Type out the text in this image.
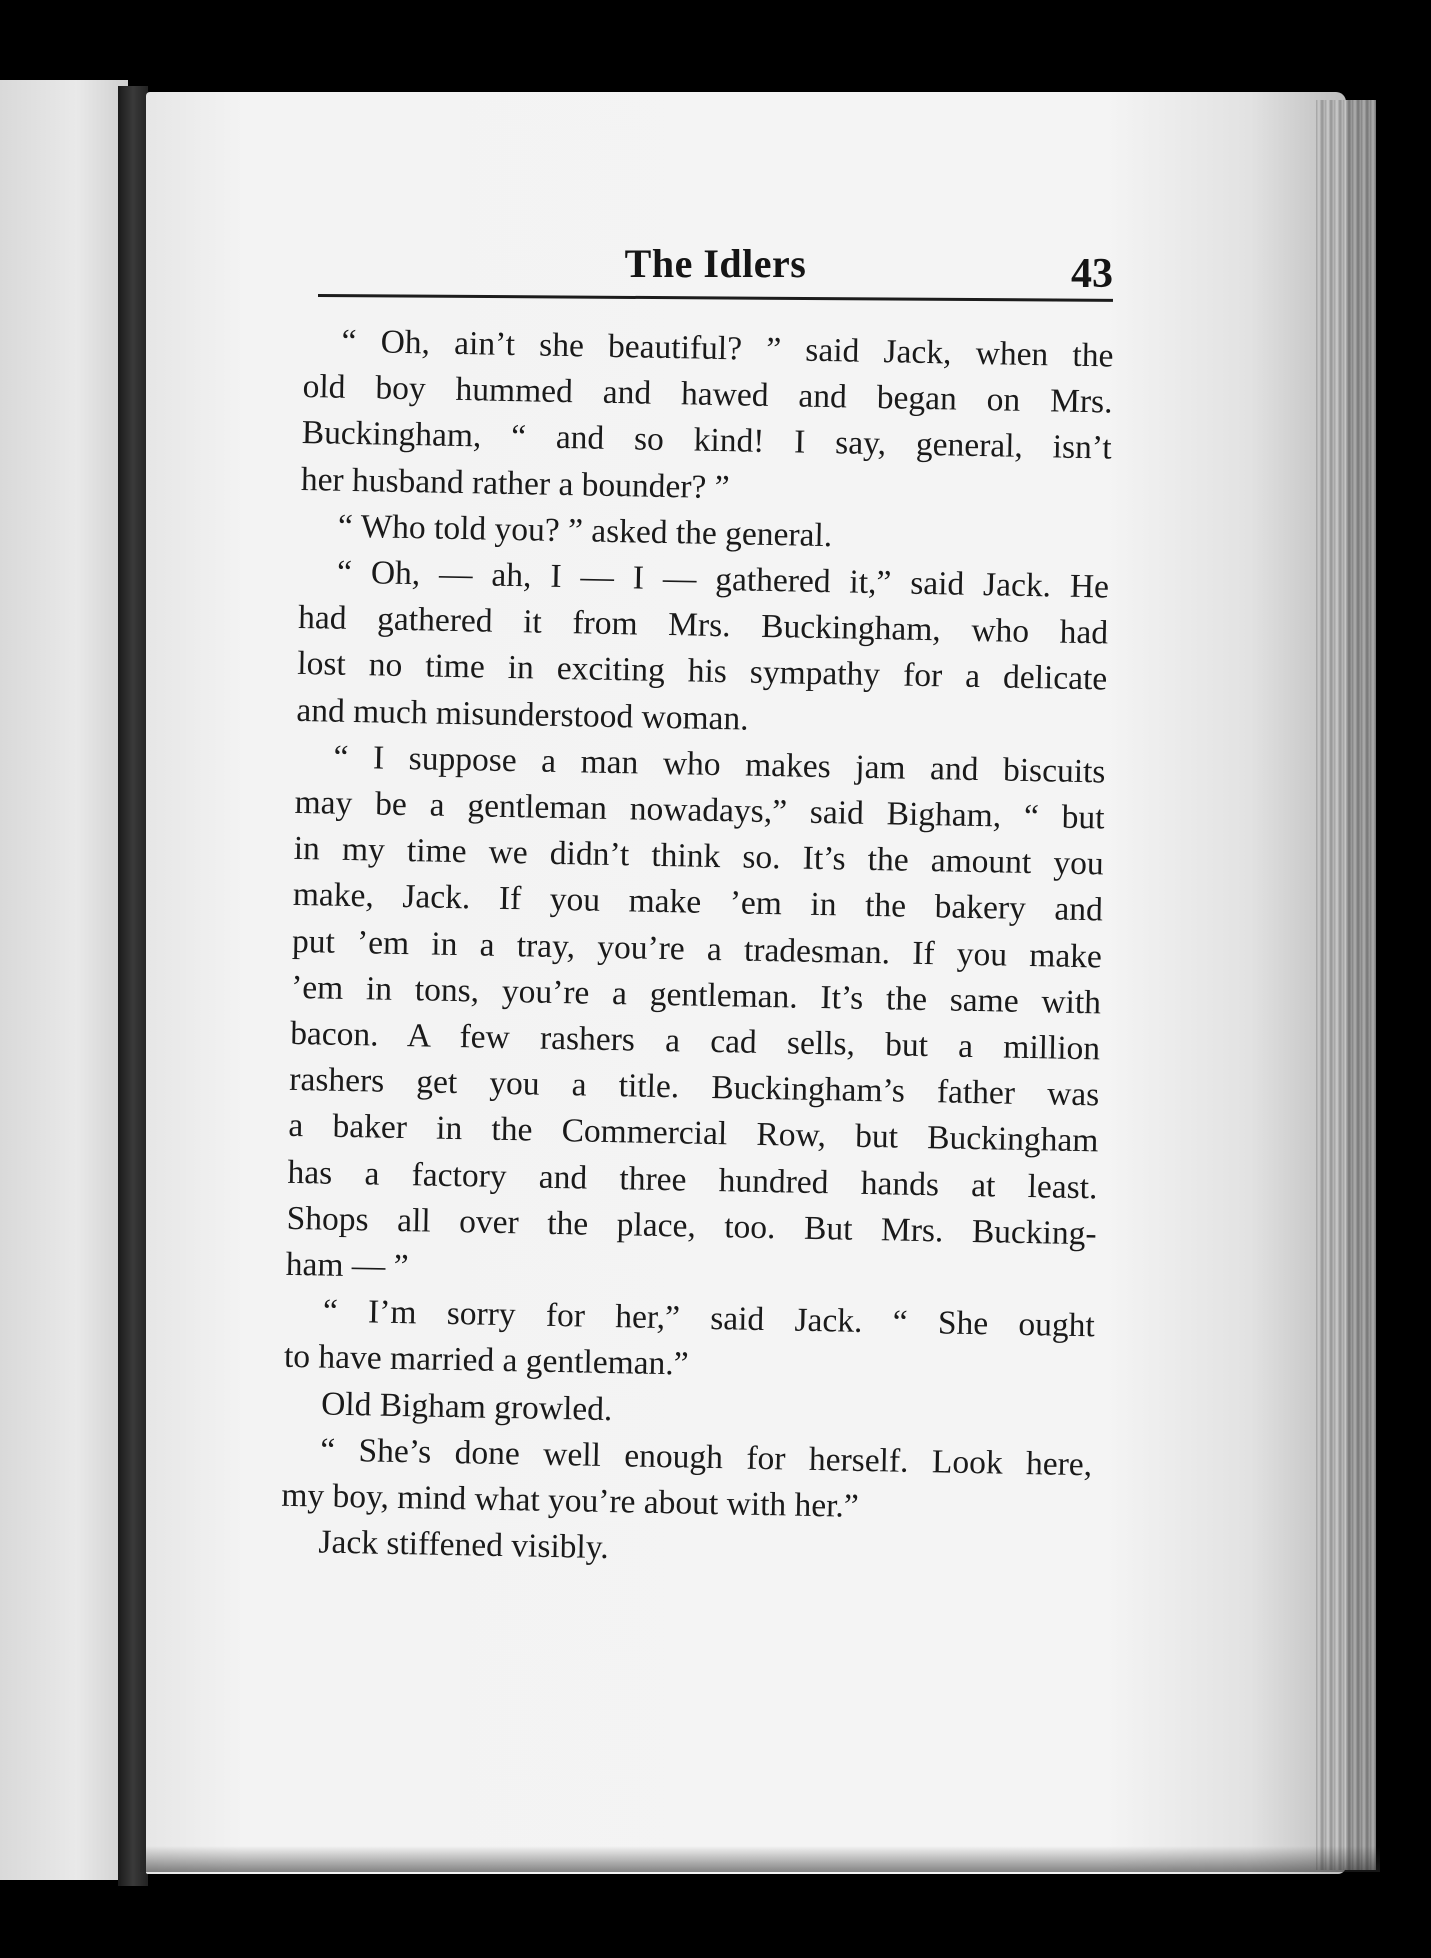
The Idlers	43
“ Oh, ain’t she beautiful? ” said Jack, when the
old boy hummed and hawed and began on Mrs.
Buckingham, “ and so kind! I say, general, isn’t
her husband rather a bounder? ”
“ Who told you? ” asked the general.
“ Oh, — ah, I — I — gathered it,” said Jack. He
had gathered it from Mrs. Buckingham, who had
lost no time in exciting his sympathy for a delicate
and much misunderstood woman.
“ I suppose a man who makes jam and biscuits
may be a gentleman nowadays,” said Bigham, “ but
in my time we didn’t think so. It’s the amount you
make, Jack. If you make ’em in the bakery and
put ’em in a tray, you’re a tradesman. If you make
’em in tons, you’re a gentleman. It’s the same with
bacon. A few rashers a cad sells, but a million
rashers get you a title. Buckingham’s father was
a baker in the Commercial Row, but Buckingham
has a factory and three hundred hands at least.
Shops all over the place, too. But Mrs. Bucking-
ham — ”
“ I’m sorry for her,” said Jack. “ She ought
to have married a gentleman.”
Old Bigham growled.
“ She’s done well enough for herself. Look here,
my boy, mind what you’re about with her.”
Jack stiffened visibly.
